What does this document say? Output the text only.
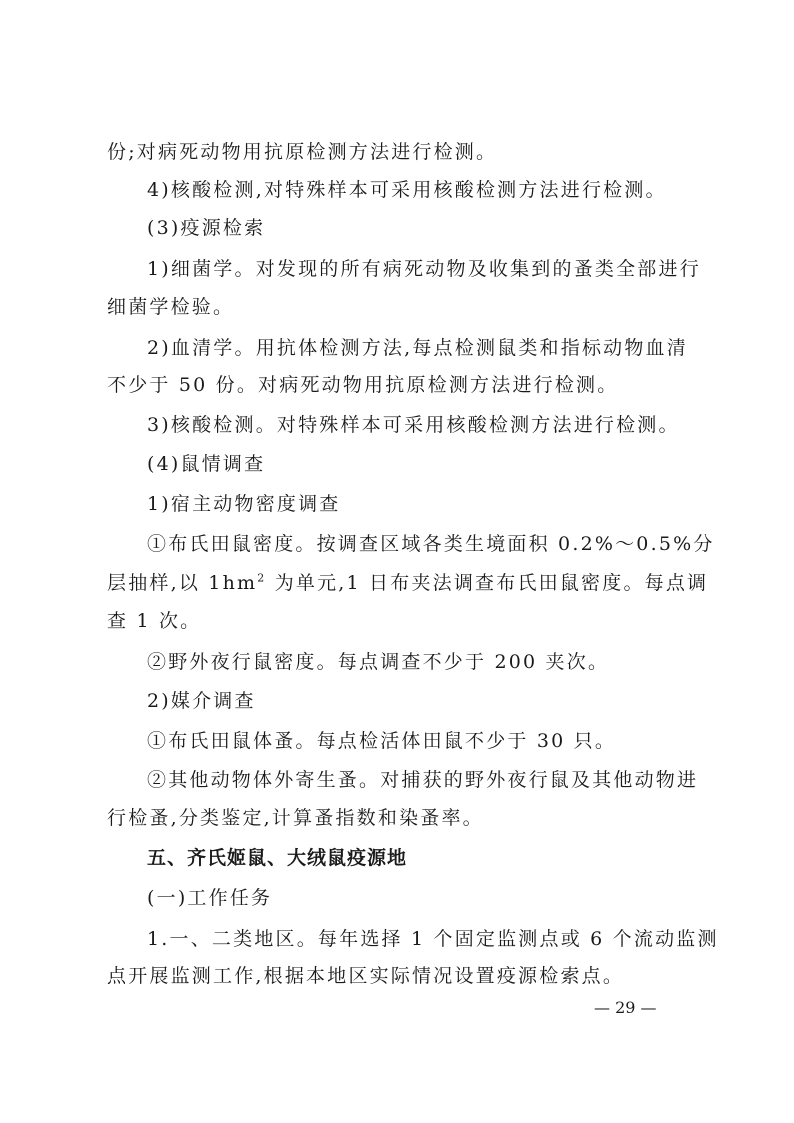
份;对病死动物用抗原检测方法进行检测。
4)核酸检测,对特殊样本可采用核酸检测方法进行检测。
(3)疫源检索
1)细菌学。对发现的所有病死动物及收集到的蚤类全部进行
细菌学检验。
2)血清学。用抗体检测方法,每点检测鼠类和指标动物血清
不少于 50 份。对病死动物用抗原检测方法进行检测。
3)核酸检测。对特殊样本可采用核酸检测方法进行检测。
(4)鼠情调查
1)宿主动物密度调查
①布氏田鼠密度。按调查区域各类生境面积 0.2%～0.5%分
层抽样,以 $1hm^2$ 为单元,1 日布夹法调查布氏田鼠密度。每点调
查 1 次。
②野外夜行鼠密度。每点调查不少于 200 夹次。
2)媒介调查
①布氏田鼠体蚤。每点检活体田鼠不少于 30 只。
②其他动物体外寄生蚤。对捕获的野外夜行鼠及其他动物进
行检蚤,分类鉴定,计算蚤指数和染蚤率。
五、齐氏姬鼠、大绒鼠疫源地
(一)工作任务
1.一、二类地区。每年选择 1 个固定监测点或 6 个流动监测
点开展监测工作,根据本地区实际情况设置疫源检索点。
— 29 —
